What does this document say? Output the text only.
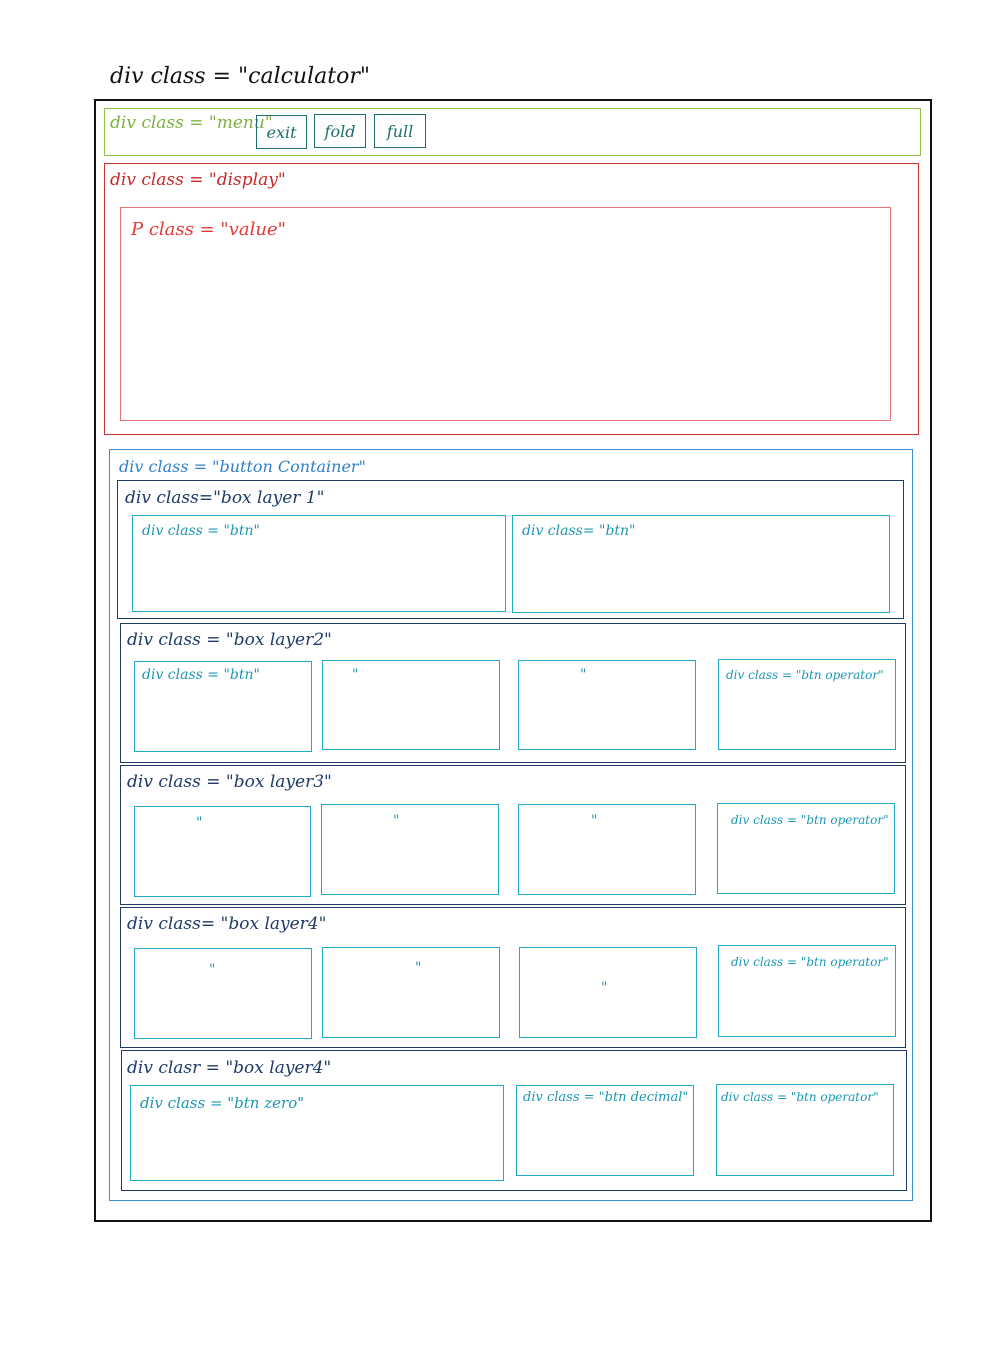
div class = "calculator"
div class = "menu"
exit	fold	full
div class = "display"
P class = "value"
div class = "button Container"
div class="box layer 1"
div class = "btn"	div class= "btn"
div class = "box layer2"
div class = "btn"	"	"	div class = "btn operator"
div class = "box layer3"
"	"	"	div class = "btn operator"
div class= "box layer4"
"	"
"
div class = "btn operator"
div clasr = "box layer4"
div class = "btn zero"	div class = "btn decimal"	div class = "btn operator"
